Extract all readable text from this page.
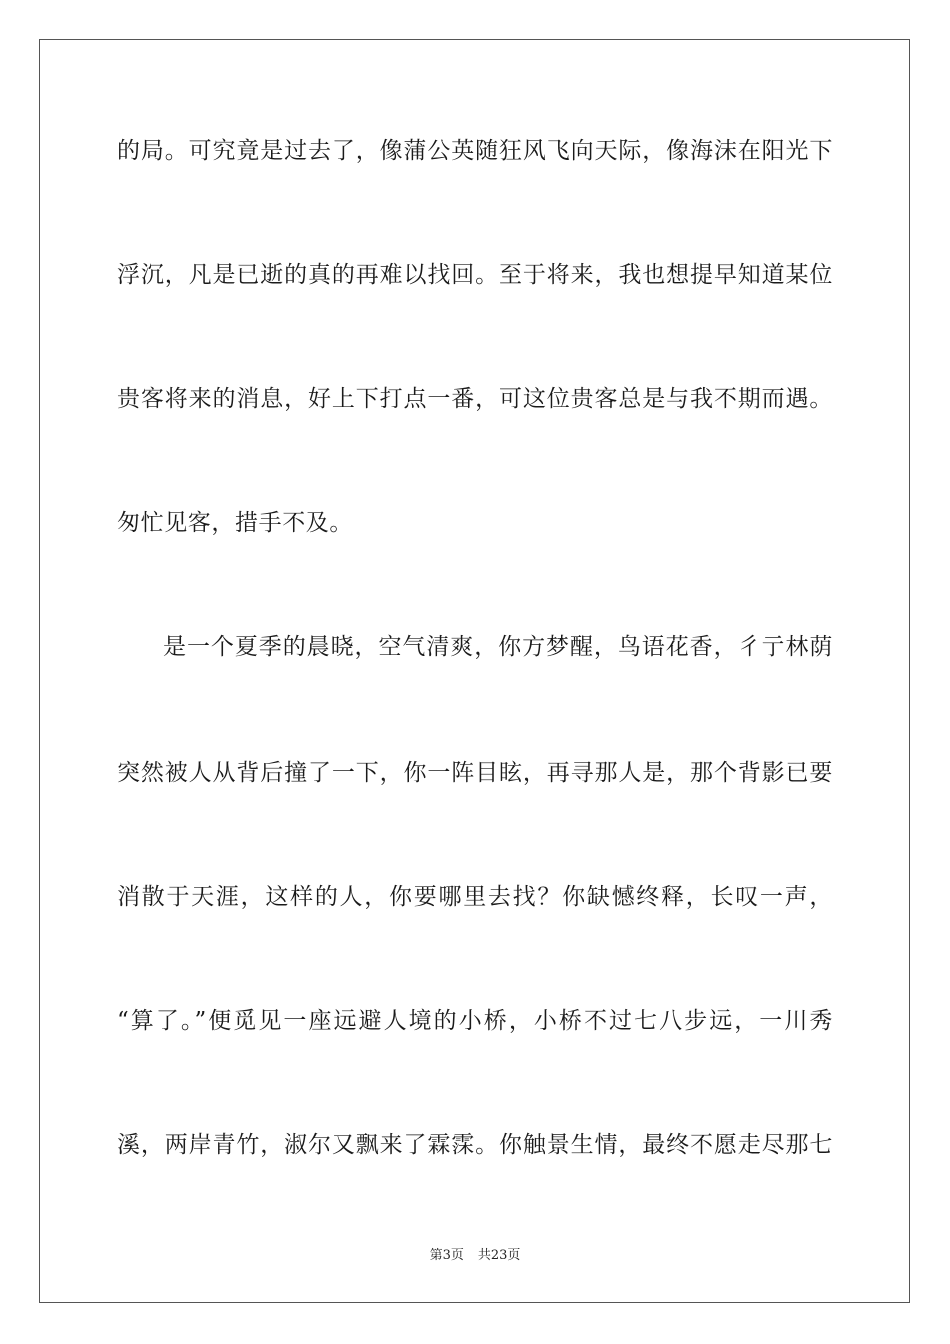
的局。可究竟是过去了，像蒲公英随狂风飞向天际，像海沫在阳光下
浮沉，凡是已逝的真的再难以找回。至于将来，我也想提早知道某位
贵客将来的消息，好上下打点一番，可这位贵客总是与我不期而遇。
匆忙见客，措手不及。
是一个夏季的晨晓，空气清爽，你方梦醒，鸟语花香，彳亍林荫
突然被人从背后撞了一下，你一阵目眩，再寻那人是，那个背影已要
消散于天涯，这样的人，你要哪里去找？你缺憾终释，长叹一声，
“算了。”便觅见一座远避人境的小桥，小桥不过七八步远，一川秀
溪，两岸青竹，淑尔又飘来了霖霂。你触景生情，最终不愿走尽那七
第3页 共23页
